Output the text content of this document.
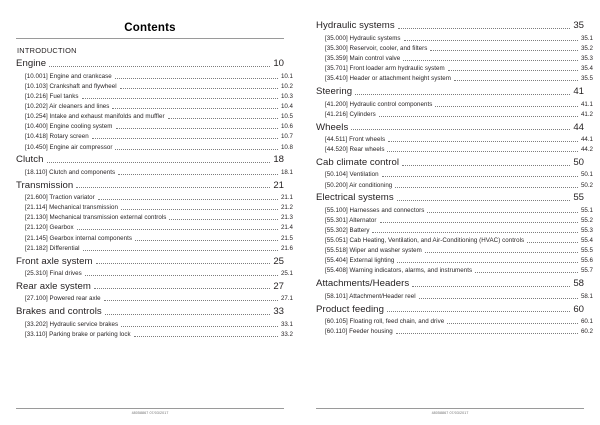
Contents
INTRODUCTION
Engine	10
[10.001] Engine and crankcase	10.1
[10.103] Crankshaft and flywheel	10.2
[10.216] Fuel tanks	10.3
[10.202] Air cleaners and lines	10.4
[10.254] Intake and exhaust manifolds and muffler	10.5
[10.400] Engine cooling system	10.6
[10.418] Rotary screen	10.7
[10.450] Engine air compressor	10.8
Clutch	18
[18.110] Clutch and components	18.1
Transmission	21
[21.600] Traction variator	21.1
[21.114] Mechanical transmission	21.2
[21.130] Mechanical transmission external controls	21.3
[21.120] Gearbox	21.4
[21.145] Gearbox internal components	21.5
[21.182] Differential	21.6
Front axle system	25
[25.310] Final drives	25.1
Rear axle system	27
[27.100] Powered rear axle	27.1
Brakes and controls	33
[33.202] Hydraulic service brakes	33.1
[33.110] Parking brake or parking lock	33.2
48058867 07/03/2017
Hydraulic systems	35
[35.000] Hydraulic systems	35.1
[35.300] Reservoir, cooler, and filters	35.2
[35.359] Main control valve	35.3
[35.701] Front loader arm hydraulic system	35.4
[35.410] Header or attachment height system	35.5
Steering	41
[41.200] Hydraulic control components	41.1
[41.216] Cylinders	41.2
Wheels	44
[44.511] Front wheels	44.1
[44.520] Rear wheels	44.2
Cab climate control	50
[50.104] Ventilation	50.1
[50.200] Air conditioning	50.2
Electrical systems	55
[55.100] Harnesses and connectors	55.1
[55.301] Alternator	55.2
[55.302] Battery	55.3
[55.051] Cab Heating, Ventilation, and Air-Conditioning (HVAC) controls	55.4
[55.518] Wiper and washer system	55.5
[55.404] External lighting	55.6
[55.408] Warning indicators, alarms, and instruments	55.7
Attachments/Headers	58
[58.101] Attachment/Header reel	58.1
Product feeding	60
[60.105] Floating roll, feed chain, and drive	60.1
[60.110] Feeder housing	60.2
48058867 07/03/2017
